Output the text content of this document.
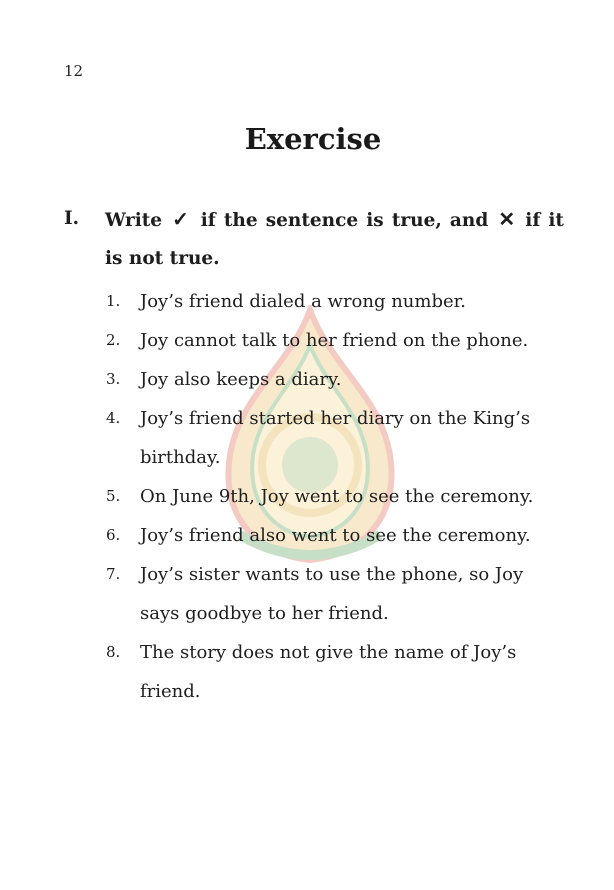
12
Exercise
I.	Write ✓ if the sentence is true, and ✕ if it is not true.
1.	Joy’s friend dialed a wrong number.
2.	Joy cannot talk to her friend on the phone.
3.	Joy also keeps a diary.
4.	Joy’s friend started her diary on the King’s birthday.
5.	On June 9th, Joy went to see the ceremony.
6.	Joy’s friend also went to see the ceremony.
7.	Joy’s sister wants to use the phone, so Joy says goodbye to her friend.
8.	The story does not give the name of Joy’s friend.
